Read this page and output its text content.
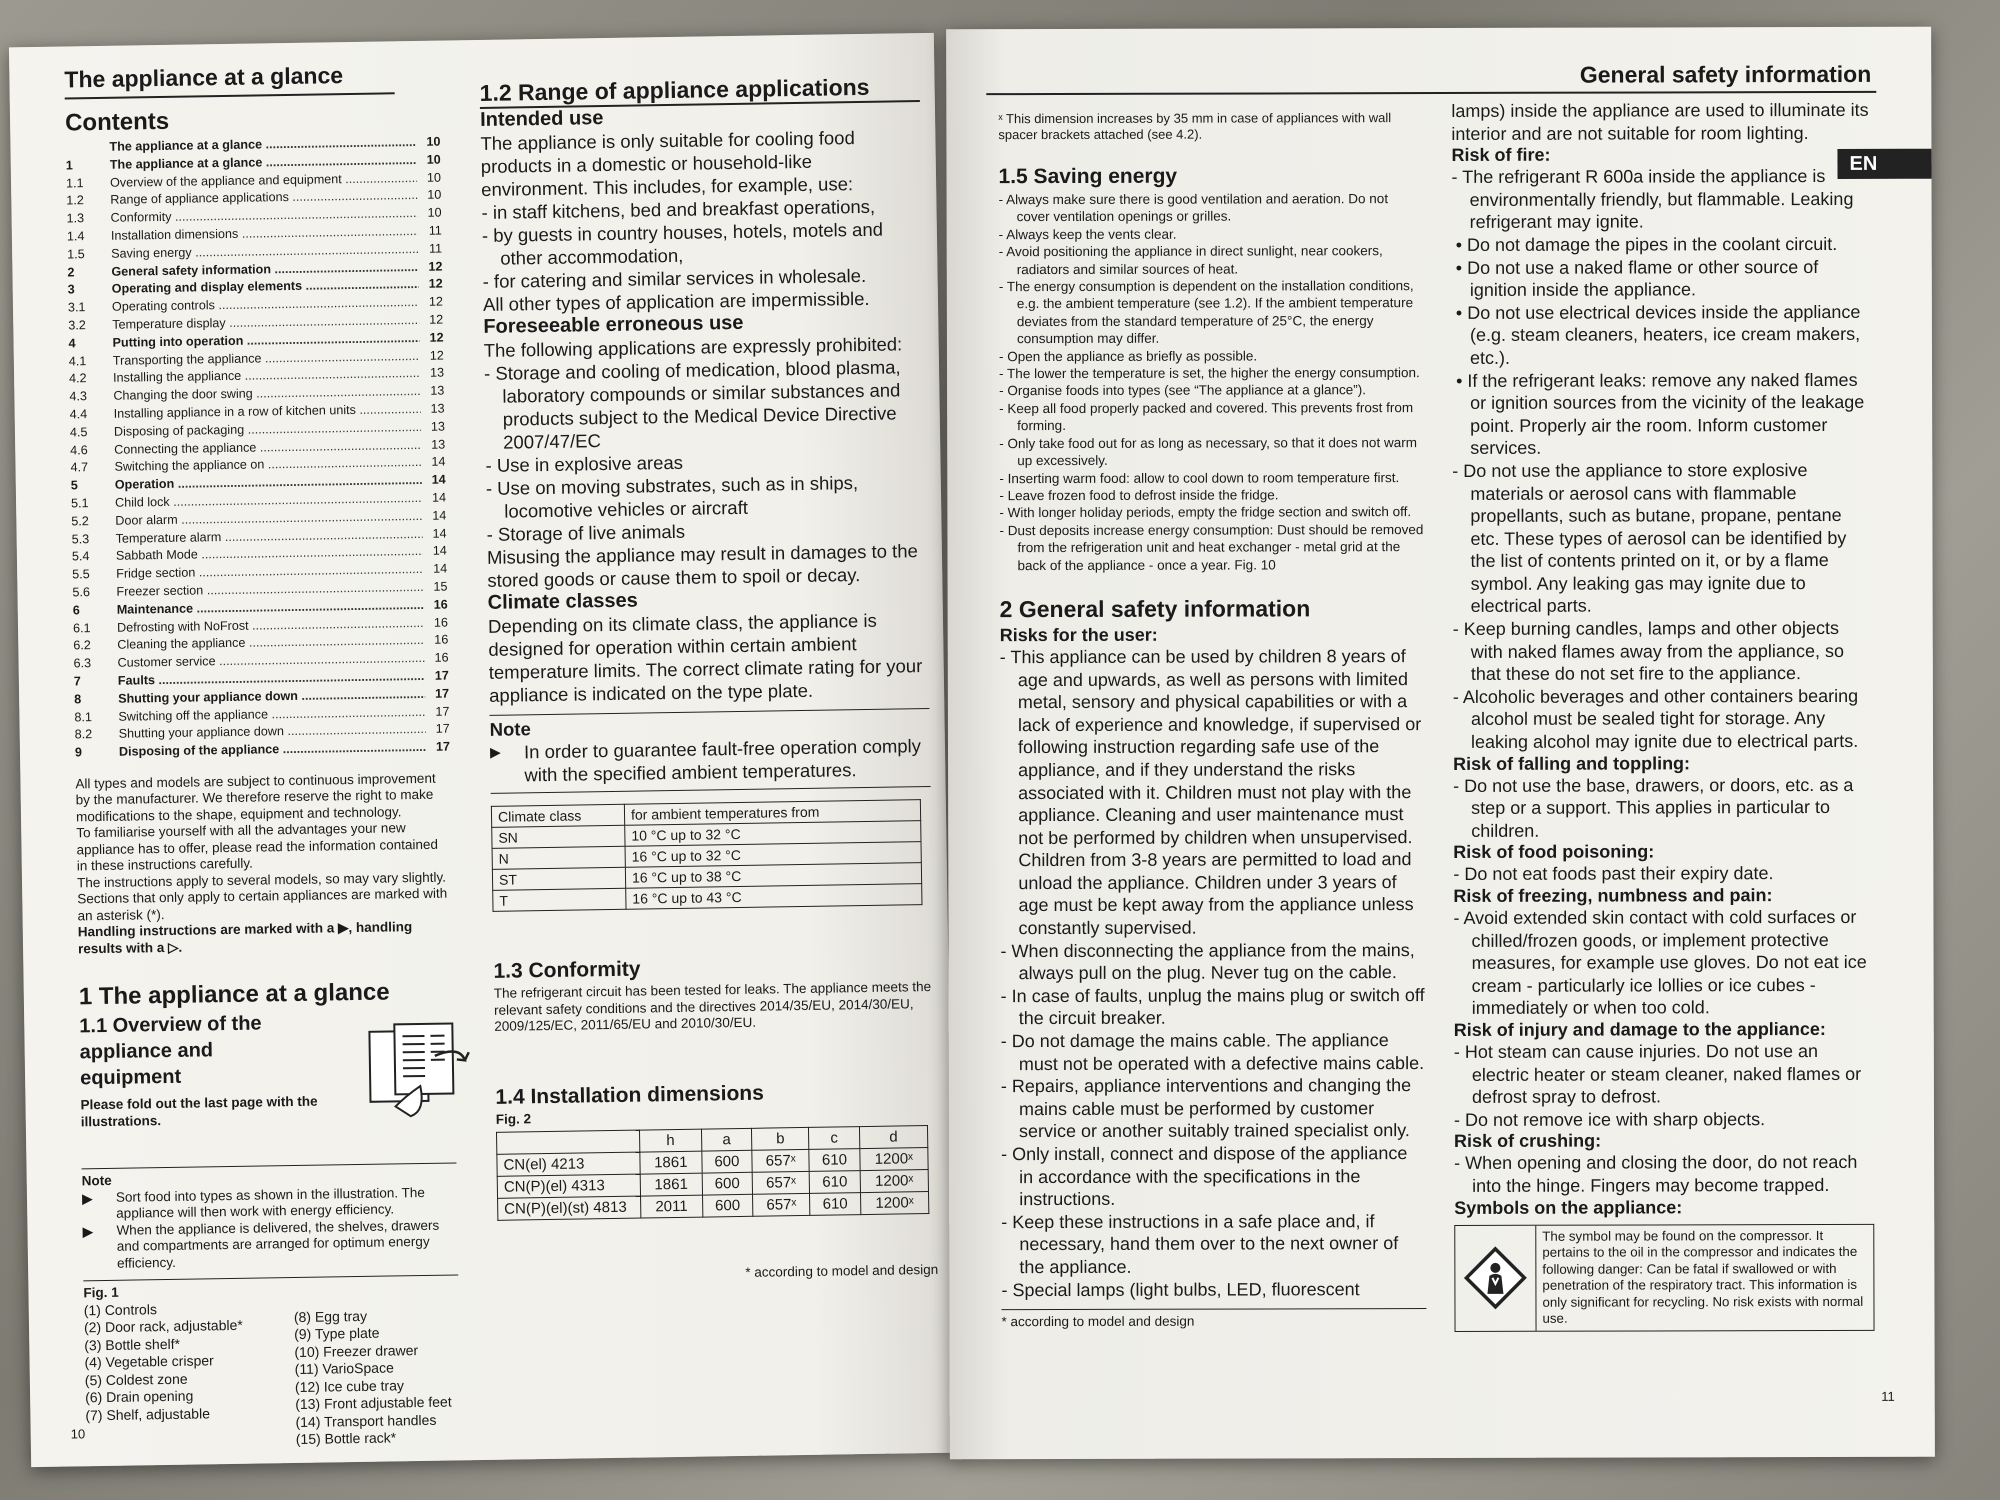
The appliance at a glance
Contents
The appliance at a glance .....	10
1	The appliance at a glance .....	10
1.1	Overview of the appliance and equipment .....	10
1.2	Range of appliance applications .....	10
1.3	Conformity .....	10
1.4	Installation dimensions .....	11
1.5	Saving energy .....	11
2	General safety information .....	12
3	Operating and display elements .....	12
3.1	Operating controls .....	12
3.2	Temperature display .....	12
4	Putting into operation .....	12
4.1	Transporting the appliance .....	12
4.2	Installing the appliance .....	13
4.3	Changing the door swing .....	13
4.4	Installing appliance in a row of kitchen units .....	13
4.5	Disposing of packaging .....	13
4.6	Connecting the appliance .....	13
4.7	Switching the appliance on .....	14
5	Operation .....	14
5.1	Child lock .....	14
5.2	Door alarm .....	14
5.3	Temperature alarm .....	14
5.4	Sabbath Mode .....	14
5.5	Fridge section .....	14
5.6	Freezer section .....	15
6	Maintenance .....	16
6.1	Defrosting with NoFrost .....	16
6.2	Cleaning the appliance .....	16
6.3	Customer service .....	16
7	Faults .....	17
8	Shutting your appliance down .....	17
8.1	Switching off the appliance .....	17
8.2	Shutting your appliance down .....	17
9	Disposing of the appliance .....	17
All types and models are subject to continuous improvement by the manufacturer. We therefore reserve the right to make modifications to the shape, equipment and technology.
To familiarise yourself with all the advantages your new appliance has to offer, please read the information contained in these instructions carefully.
The instructions apply to several models, so may vary slightly. Sections that only apply to certain appliances are marked with an asterisk (*).
Handling instructions are marked with a ▶, handling results with a ▷.
1 The appliance at a glance
1.1 Overview of the appliance and equipment
Please fold out the last page with the illustrations.
Note
▶ Sort food into types as shown in the illustration. The appliance will then work with energy efficiency.
▶ When the appliance is delivered, the shelves, drawers and compartments are arranged for optimum energy efficiency.
Fig. 1
(1) Controls
(2) Door rack, adjustable*
(3) Bottle shelf*
(4) Vegetable crisper
(5) Coldest zone
(6) Drain opening
(7) Shelf, adjustable
(8) Egg tray
(9) Type plate
(10) Freezer drawer
(11) VarioSpace
(12) Ice cube tray
(13) Front adjustable feet
(14) Transport handles
(15) Bottle rack*
10
1.2 Range of appliance applications
Intended use
The appliance is only suitable for cooling food products in a domestic or household-like environment. This includes, for example, use:
- in staff kitchens, bed and breakfast operations,
- by guests in country houses, hotels, motels and other accommodation,
- for catering and similar services in wholesale.
All other types of application are impermissible.
Foreseeable erroneous use
The following applications are expressly prohibited:
- Storage and cooling of medication, blood plasma, laboratory compounds or similar substances and products subject to the Medical Device Directive 2007/47/EC
- Use in explosive areas
- Use on moving substrates, such as in ships, locomotive vehicles or aircraft
- Storage of live animals
Misusing the appliance may result in damages to the stored goods or cause them to spoil or decay.
Climate classes
Depending on its climate class, the appliance is designed for operation within certain ambient temperature limits. The correct climate rating for your appliance is indicated on the type plate.
Note
▶ In order to guarantee fault-free operation comply with the specified ambient temperatures.
Climate class	for ambient temperatures from
SN	10 °C up to 32 °C
N	16 °C up to 32 °C
ST	16 °C up to 38 °C
T	16 °C up to 43 °C
1.3 Conformity
The refrigerant circuit has been tested for leaks. The appliance meets the relevant safety conditions and the directives 2014/35/EU, 2014/30/EU, 2009/125/EC, 2011/65/EU and 2010/30/EU.
1.4 Installation dimensions
Fig. 2
	h	a	b	c	d
CN(el) 4213	1861	600	657ˣ	610	1200ˣ
CN(P)(el) 4313	1861	600	657ˣ	610	1200ˣ
CN(P)(el)(st) 4813	2011	600	657ˣ	610	1200ˣ
* according to model and design
General safety information
EN
ˣ This dimension increases by 35 mm in case of appliances with wall spacer brackets attached (see 4.2).
1.5 Saving energy
- Always make sure there is good ventilation and aeration. Do not cover ventilation openings or grilles.
- Always keep the vents clear.
- Avoid positioning the appliance in direct sunlight, near cookers, radiators and similar sources of heat.
- The energy consumption is dependent on the installation conditions, e.g. the ambient temperature (see 1.2). If the ambient temperature deviates from the standard temperature of 25°C, the energy consumption may differ.
- Open the appliance as briefly as possible.
- The lower the temperature is set, the higher the energy consumption.
- Organise foods into types (see “The appliance at a glance”).
- Keep all food properly packed and covered. This prevents frost from forming.
- Only take food out for as long as necessary, so that it does not warm up excessively.
- Inserting warm food: allow to cool down to room temperature first.
- Leave frozen food to defrost inside the fridge.
- With longer holiday periods, empty the fridge section and switch off.
- Dust deposits increase energy consumption: Dust should be removed from the refrigeration unit and heat exchanger - metal grid at the back of the appliance - once a year. Fig. 10
2 General safety information
Risks for the user:
- This appliance can be used by children 8 years of age and upwards, as well as persons with limited metal, sensory and physical capabilities or with a lack of experience and knowledge, if supervised or following instruction regarding safe use of the appliance, and if they understand the risks associated with it. Children must not play with the appliance. Cleaning and user maintenance must not be performed by children when unsupervised. Children from 3-8 years are permitted to load and unload the appliance. Children under 3 years of age must be kept away from the appliance unless constantly supervised.
- When disconnecting the appliance from the mains, always pull on the plug. Never tug on the cable.
- In case of faults, unplug the mains plug or switch off the circuit breaker.
- Do not damage the mains cable. The appliance must not be operated with a defective mains cable.
- Repairs, appliance interventions and changing the mains cable must be performed by customer service or another suitably trained specialist only.
- Only install, connect and dispose of the appliance in accordance with the specifications in the instructions.
- Keep these instructions in a safe place and, if necessary, hand them over to the next owner of the appliance.
- Special lamps (light bulbs, LED, fluorescent
* according to model and design
lamps) inside the appliance are used to illuminate its interior and are not suitable for room lighting.
Risk of fire:
- The refrigerant R 600a inside the appliance is environmentally friendly, but flammable. Leaking refrigerant may ignite.
• Do not damage the pipes in the coolant circuit.
• Do not use a naked flame or other source of ignition inside the appliance.
• Do not use electrical devices inside the appliance (e.g. steam cleaners, heaters, ice cream makers, etc.).
• If the refrigerant leaks: remove any naked flames or ignition sources from the vicinity of the leakage point. Properly air the room. Inform customer services.
- Do not use the appliance to store explosive materials or aerosol cans with flammable propellants, such as butane, propane, pentane etc. These types of aerosol can be identified by the list of contents printed on it, or by a flame symbol. Any leaking gas may ignite due to electrical parts.
- Keep burning candles, lamps and other objects with naked flames away from the appliance, so that these do not set fire to the appliance.
- Alcoholic beverages and other containers bearing alcohol must be sealed tight for storage. Any leaking alcohol may ignite due to electrical parts.
Risk of falling and toppling:
- Do not use the base, drawers, or doors, etc. as a step or a support. This applies in particular to children.
Risk of food poisoning:
- Do not eat foods past their expiry date.
Risk of freezing, numbness and pain:
- Avoid extended skin contact with cold surfaces or chilled/frozen goods, or implement protective measures, for example use gloves. Do not eat ice cream - particularly ice lollies or ice cubes - immediately or when too cold.
Risk of injury and damage to the appliance:
- Hot steam can cause injuries. Do not use an electric heater or steam cleaner, naked flames or defrost spray to defrost.
- Do not remove ice with sharp objects.
Risk of crushing:
- When opening and closing the door, do not reach into the hinge. Fingers may become trapped.
Symbols on the appliance:
The symbol may be found on the compressor. It pertains to the oil in the compressor and indicates the following danger: Can be fatal if swallowed or with penetration of the respiratory tract. This information is only significant for recycling. No risk exists with normal use.
11
